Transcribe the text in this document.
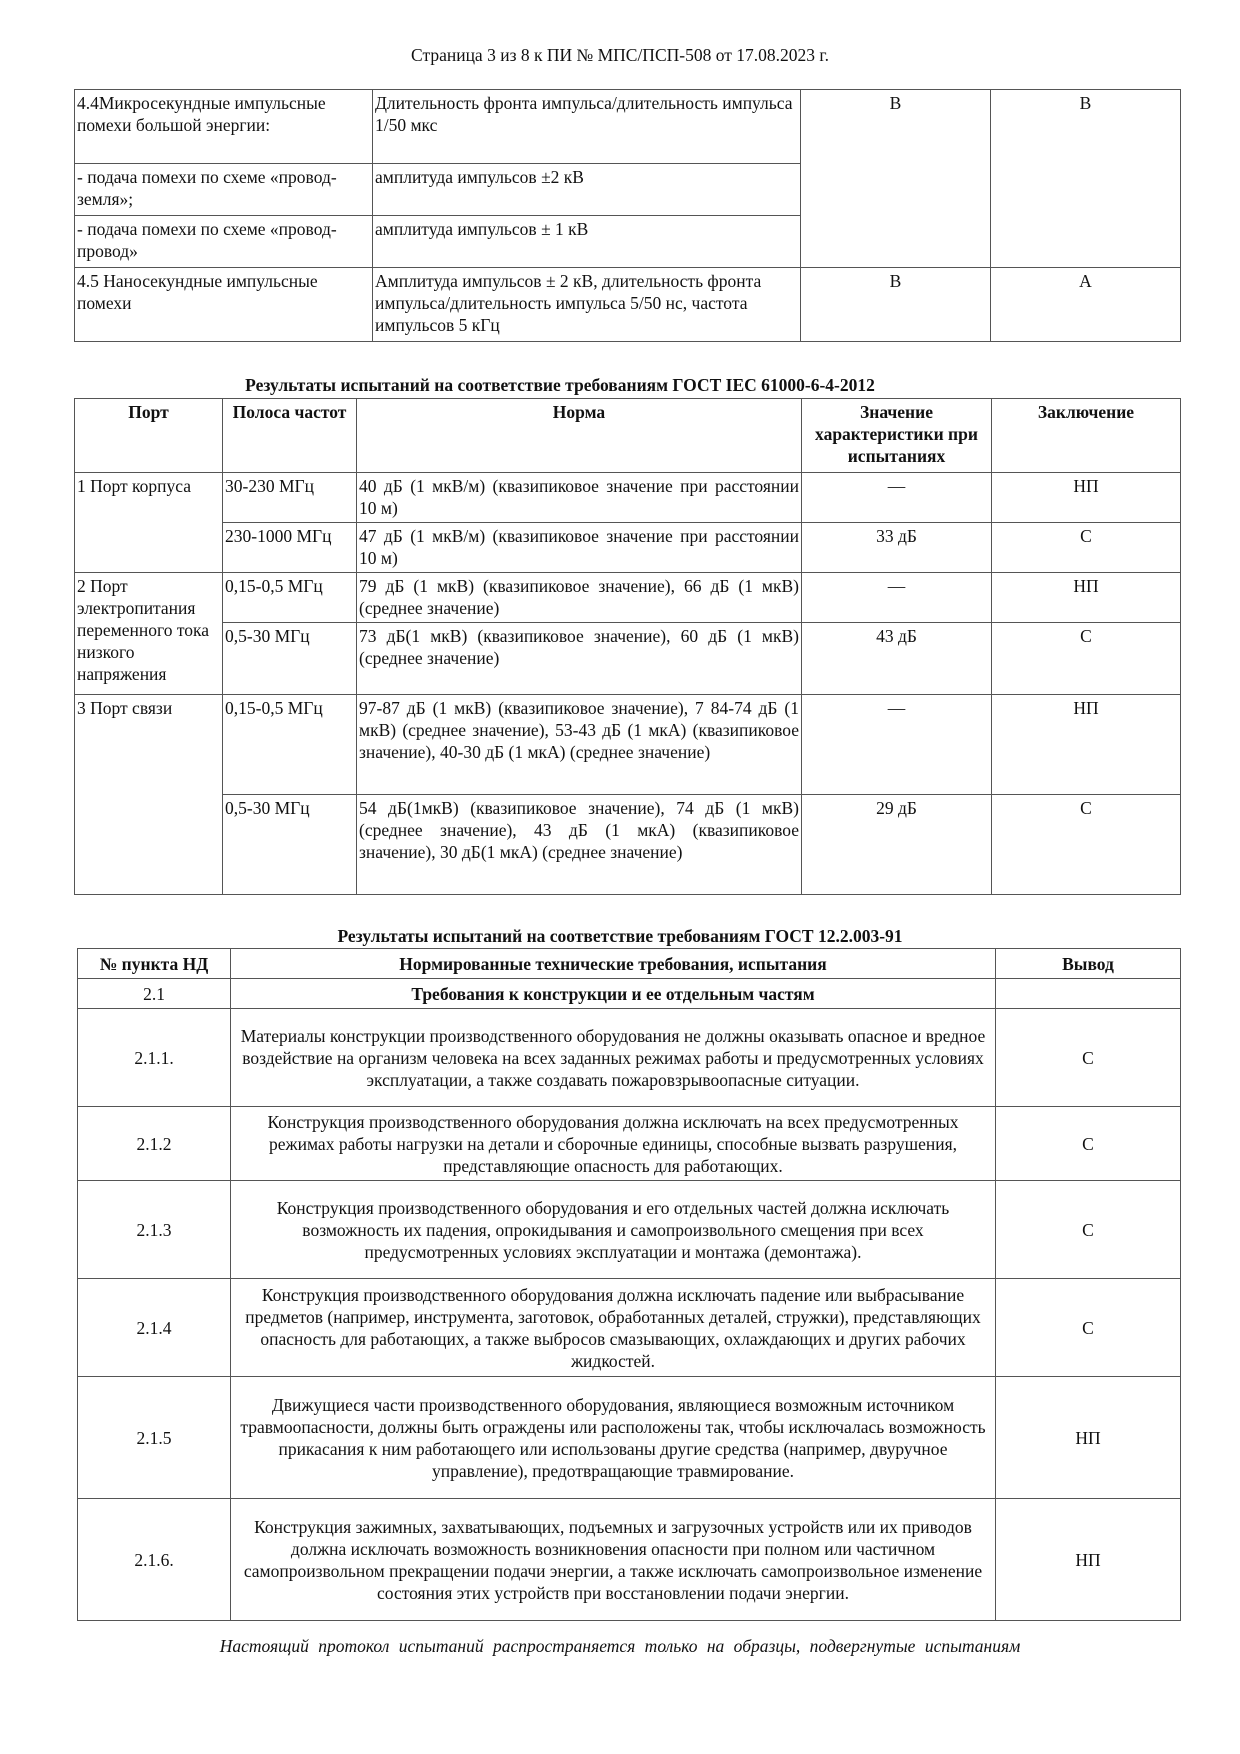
Страница 3 из 8 к ПИ № МПС/ПСП-508 от 17.08.2023 г.
4.4Микросекундные импульсные помехи большой энергии:	Длительность фронта импульса/длительность импульса 1/50 мкс	В	В
- подача помехи по схеме «провод- земля»;	амплитуда импульсов ±2 кВ		
- подача помехи по схеме «провод- провод»	амплитуда импульсов ± 1 кВ		
4.5 Наносекундные импульсные помехи	Амплитуда импульсов ± 2 кВ, длительность фронта импульса/длительность импульса 5/50 нс, частота импульсов 5 кГц	В	А
Результаты испытаний на соответствие требованиям ГОСТ IEC 61000-6-4-2012
Порт	Полоса частот	Норма	Значение характеристики при испытаниях	Заключение
1 Порт корпуса	30-230 МГц	40 дБ (1 мкВ/м) (квазипиковое значение при расстоянии 10 м)	—	НП
	230-1000 МГц	47 дБ (1 мкВ/м) (квазипиковое значение при расстоянии 10 м)	33 дБ	С
2 Порт электропитания переменного тока низкого напряжения	0,15-0,5 МГц	79 дБ (1 мкВ) (квазипиковое значение), 66 дБ (1 мкВ) (среднее значение)	—	НП
	0,5-30 МГц	73 дБ(1 мкВ) (квазипиковое значение), 60 дБ (1 мкВ) (среднее значение)	43 дБ	С
3 Порт связи	0,15-0,5 МГц	97-87 дБ (1 мкВ) (квазипиковое значение), 7 84-74 дБ (1 мкВ) (среднее значение), 53-43 дБ (1 мкА) (квазипиковое значение), 40-30 дБ (1 мкА) (среднее значение)	—	НП
	0,5-30 МГц	54 дБ(1мкВ) (квазипиковое значение), 74 дБ (1 мкВ) (среднее значение), 43 дБ (1 мкА) (квазипиковое значение), 30 дБ(1 мкА) (среднее значение)	29 дБ	С
Результаты испытаний на соответствие требованиям ГОСТ 12.2.003-91
№ пункта НД	Нормированные технические требования, испытания	Вывод
2.1	Требования к конструкции и ее отдельным частям	
2.1.1.	Материалы конструкции производственного оборудования не должны оказывать опасное и вредное воздействие на организм человека на всех заданных режимах работы и предусмотренных условиях эксплуатации, а также создавать пожаровзрывоопасные ситуации.	С
2.1.2	Конструкция производственного оборудования должна исключать на всех предусмотренных режимах работы нагрузки на детали и сборочные единицы, способные вызвать разрушения, представляющие опасность для работающих.	С
2.1.3	Конструкция производственного оборудования и его отдельных частей должна исключать возможность их падения, опрокидывания и самопроизвольного смещения при всех предусмотренных условиях эксплуатации и монтажа (демонтажа).	С
2.1.4	Конструкция производственного оборудования должна исключать падение или выбрасывание предметов (например, инструмента, заготовок, обработанных деталей, стружки), представляющих опасность для работающих, а также выбросов смазывающих, охлаждающих и других рабочих жидкостей.	С
2.1.5	Движущиеся части производственного оборудования, являющиеся возможным источником травмоопасности, должны быть ограждены или расположены так, чтобы исключалась возможность прикасания к ним работающего или использованы другие средства (например, двуручное управление), предотвращающие травмирование.	НП
2.1.6.	Конструкция зажимных, захватывающих, подъемных и загрузочных устройств или их приводов должна исключать возможность возникновения опасности при полном или частичном самопроизвольном прекращении подачи энергии, а также исключать самопроизвольное изменение состояния этих устройств при восстановлении подачи энергии.	НП
Настоящий протокол испытаний распространяется только на образцы, подвергнутые испытаниям
